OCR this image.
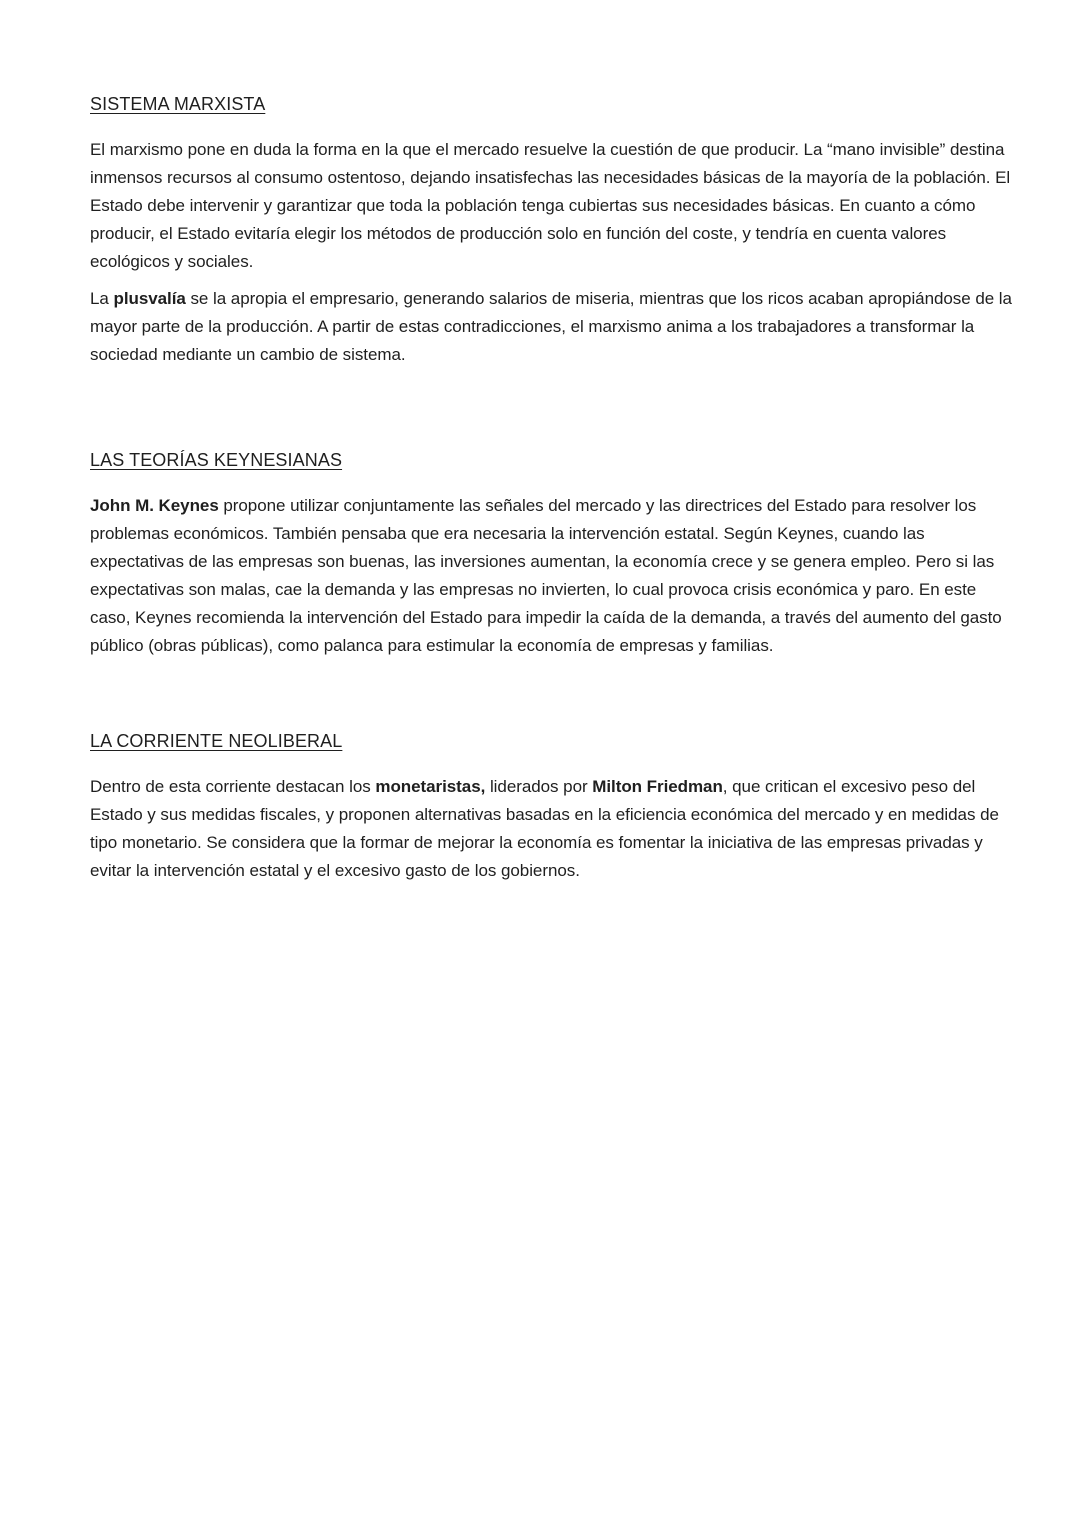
SISTEMA MARXISTA

El marxismo pone en duda la forma en la que el mercado resuelve la cuestión de que producir. La “mano invisible” destina inmensos recursos al consumo ostentoso, dejando insatisfechas las necesidades básicas de la mayoría de la población. El Estado debe intervenir y garantizar que toda la población tenga cubiertas sus necesidades básicas. En cuanto a cómo producir, el Estado evitaría elegir los métodos de producción solo en función del coste, y tendría en cuenta valores ecológicos y sociales.

La plusvalía se la apropia el empresario, generando salarios de miseria, mientras que los ricos acaban apropiándose de la mayor parte de la producción. A partir de estas contradicciones, el marxismo anima a los trabajadores a transformar la sociedad mediante un cambio de sistema.

LAS TEORÍAS KEYNESIANAS

John M. Keynes propone utilizar conjuntamente las señales del mercado y las directrices del Estado para resolver los problemas económicos. También pensaba que era necesaria la intervención estatal. Según Keynes, cuando las expectativas de las empresas son buenas, las inversiones aumentan, la economía crece y se genera empleo. Pero si las expectativas son malas, cae la demanda y las empresas no invierten, lo cual provoca crisis económica y paro. En este caso, Keynes recomienda la intervención del Estado para impedir la caída de la demanda, a través del aumento del gasto público (obras públicas), como palanca para estimular la economía de empresas y familias.

LA CORRIENTE NEOLIBERAL

Dentro de esta corriente destacan los monetaristas, liderados por Milton Friedman, que critican el excesivo peso del Estado y sus medidas fiscales, y proponen alternativas basadas en la eficiencia económica del mercado y en medidas de tipo monetario. Se considera que la formar de mejorar la economía es fomentar la iniciativa de las empresas privadas y evitar la intervención estatal y el excesivo gasto de los gobiernos.
